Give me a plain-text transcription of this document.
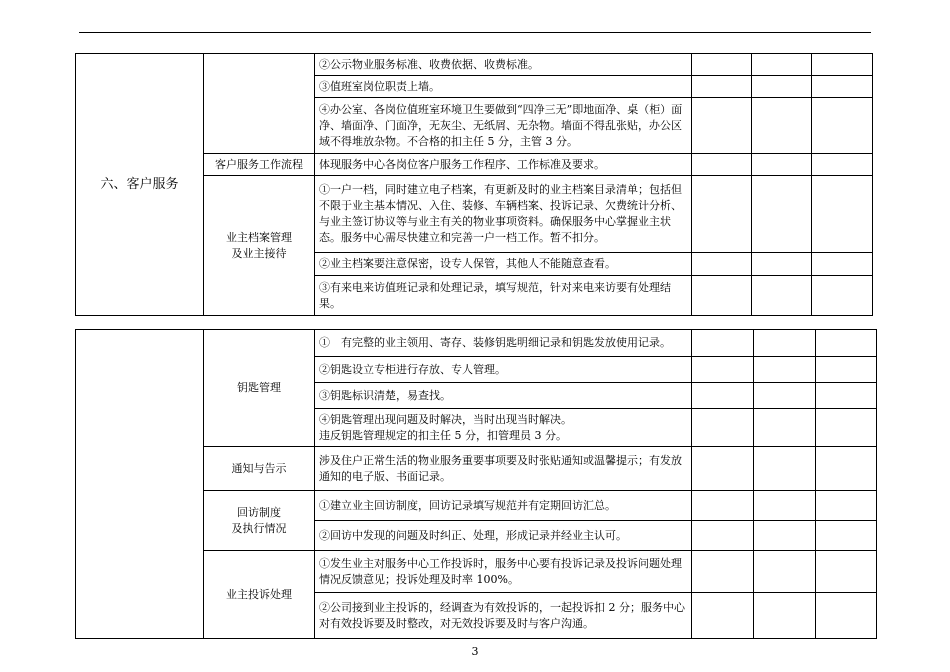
六、客户服务		②公示物业服务标准、收费依据、收费标准。			
		③值班室岗位职责上墙。			
		④办公室、各岗位值班室环境卫生要做到“四净三无”即地面净、桌（柜）面净、墙面净、门面净，无灰尘、无纸屑、无杂物。墙面不得乱张贴，办公区域不得堆放杂物。不合格的扣主任 5 分，主管 3 分。			
	客户服务工作流程	体现服务中心各岗位客户服务工作程序、工作标准及要求。			
	业主档案管理
及业主接待	①一户一档，同时建立电子档案，有更新及时的业主档案目录清单；包括但不限于业主基本情况、入住、装修、车辆档案、投诉记录、欠费统计分析、与业主签订协议等与业主有关的物业事项资料。确保服务中心掌握业主状态。服务中心需尽快建立和完善一户一档工作。暂不扣分。			
		②业主档案要注意保密，设专人保管，其他人不能随意查看。			
		③有来电来访值班记录和处理记录，填写规范，针对来电来访要有处理结果。			
	钥匙管理	①　有完整的业主领用、寄存、装修钥匙明细记录和钥匙发放使用记录。			
		②钥匙设立专柜进行存放、专人管理。			
		③钥匙标识清楚，易查找。			
		④钥匙管理出现问题及时解决，当时出现当时解决。
违反钥匙管理规定的扣主任 5 分，扣管理员 3 分。			
	通知与告示	涉及住户正常生活的物业服务重要事项要及时张贴通知或温馨提示；有发放通知的电子版、书面记录。			
	回访制度
及执行情况	①建立业主回访制度，回访记录填写规范并有定期回访汇总。			
		②回访中发现的问题及时纠正、处理，形成记录并经业主认可。			
	业主投诉处理	①发生业主对服务中心工作投诉时，服务中心要有投诉记录及投诉问题处理情况反馈意见；投诉处理及时率 100%。			
		②公司接到业主投诉的，经调查为有效投诉的，一起投诉扣 2 分；服务中心对有效投诉要及时整改，对无效投诉要及时与客户沟通。			
3
